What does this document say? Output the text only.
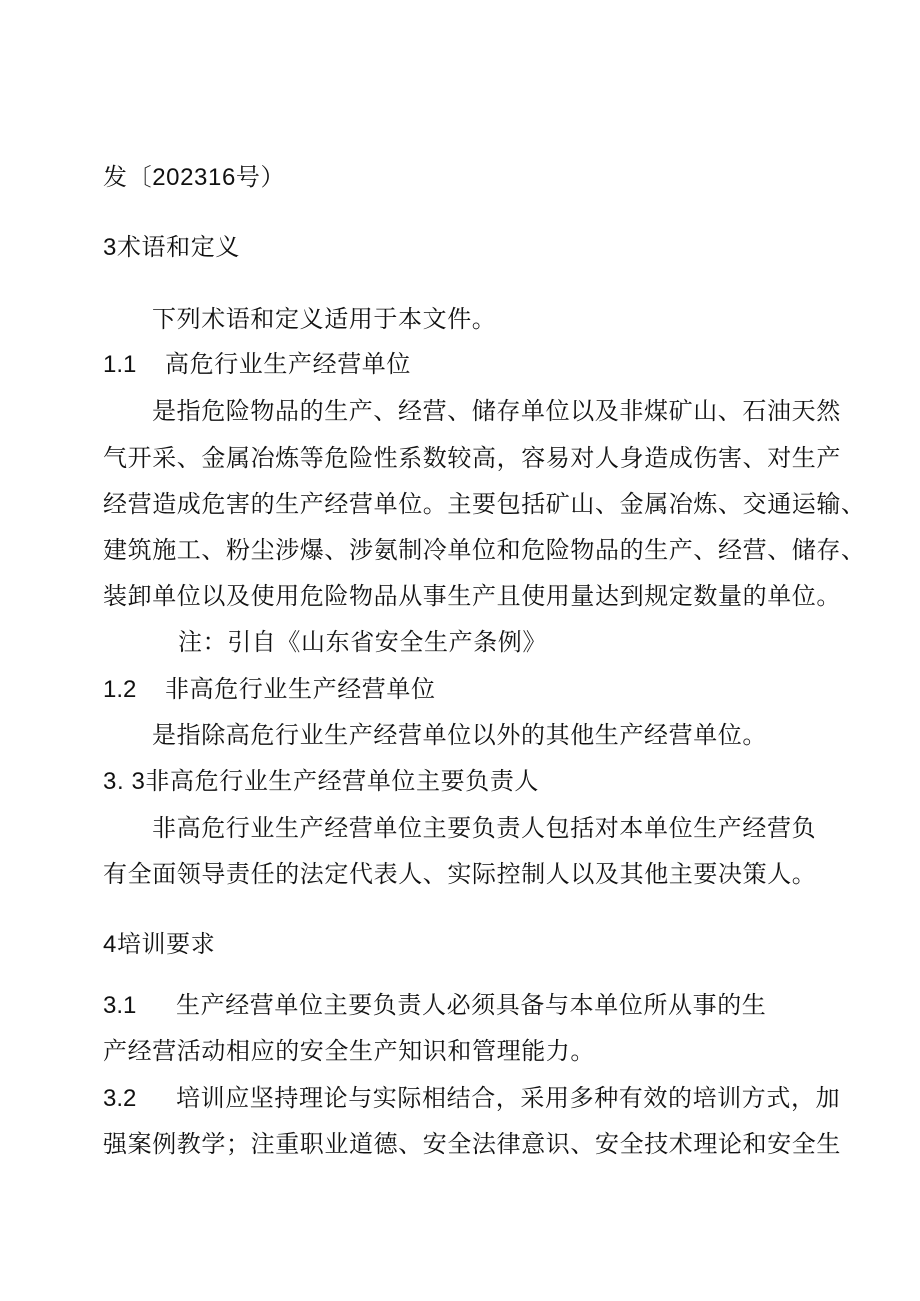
发〔202316号）
3术语和定义
下列术语和定义适用于本文件。
1.1 高危行业生产经营单位
是指危险物品的生产、经营、储存单位以及非煤矿山、石油天然
气开采、金属冶炼等危险性系数较高，容易对人身造成伤害、对生产
经营造成危害的生产经营单位。主要包括矿山、金属冶炼、交通运输、
建筑施工、粉尘涉爆、涉氨制冷单位和危险物品的生产、经营、储存、
装卸单位以及使用危险物品从事生产且使用量达到规定数量的单位。
注：引自《山东省安全生产条例》
1.2 非高危行业生产经营单位
是指除高危行业生产经营单位以外的其他生产经营单位。
3. 3非高危行业生产经营单位主要负责人
非高危行业生产经营单位主要负责人包括对本单位生产经营负
有全面领导责任的法定代表人、实际控制人以及其他主要决策人。
4培训要求
3.1 生产经营单位主要负责人必须具备与本单位所从事的生
产经营活动相应的安全生产知识和管理能力。
3.2 培训应坚持理论与实际相结合，采用多种有效的培训方式，加
强案例教学；注重职业道德、安全法律意识、安全技术理论和安全生
